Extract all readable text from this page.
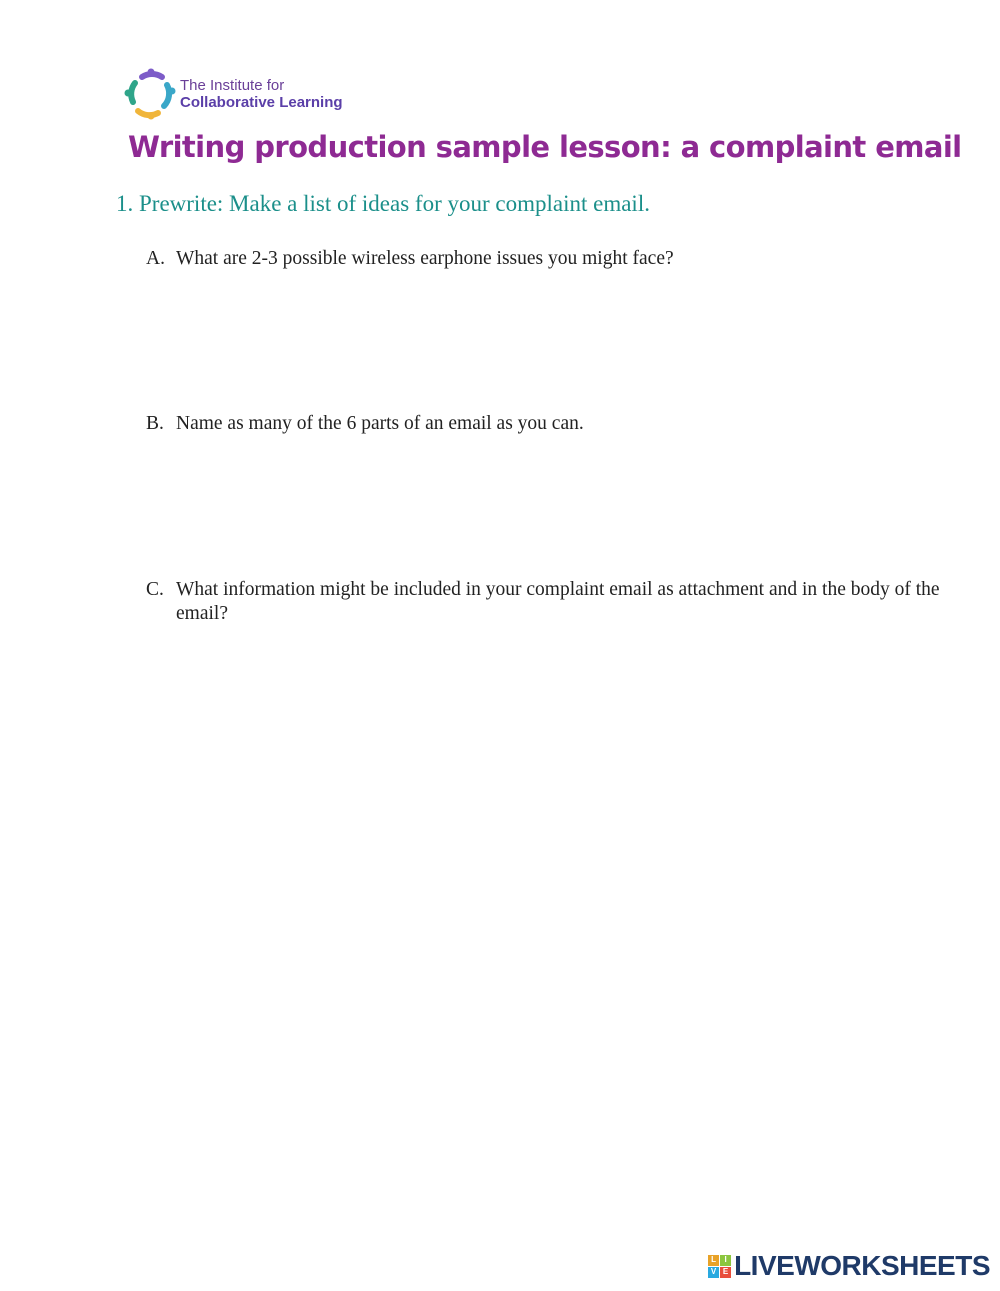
The Institute for
Collaborative Learning
Writing production sample lesson: a complaint email
1. Prewrite: Make a list of ideas for your complaint email.
A. What are 2-3 possible wireless earphone issues you might face?
B. Name as many of the 6 parts of an email as you can.
C. What information might be included in your complaint email as attachment and in the body of the email?
L	I
V E LIVEWORKSHEETS
